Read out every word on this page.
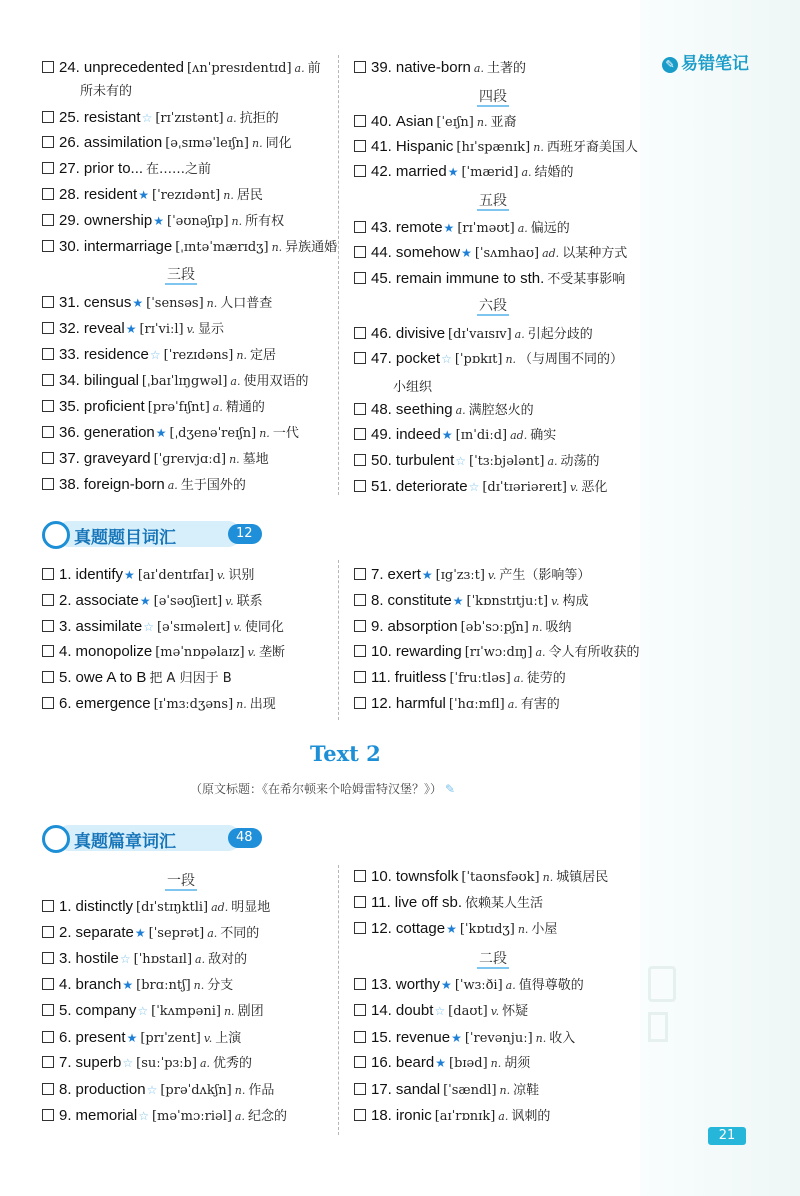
✎ 易错笔记
24. unprecedented [ʌnˈpresɪdentɪd] a. 前
所未有的
25. resistant☆ [rɪˈzɪstənt] a. 抗拒的
26. assimilation [əˌsɪməˈleɪʃn] n. 同化
27. prior to... 在……之前
28. resident★ [ˈrezɪdənt] n. 居民
29. ownership★ [ˈəʊnəʃɪp] n. 所有权
30. intermarriage [ˌɪntəˈmærɪdʒ] n. 异族通婚
31. census★ [ˈsensəs] n. 人口普查
32. reveal★ [rɪˈviːl] v. 显示
33. residence☆ [ˈrezɪdəns] n. 定居
34. bilingual [ˌbaɪˈlɪŋgwəl] a. 使用双语的
35. proficient [prəˈfɪʃnt] a. 精通的
36. generation★ [ˌdʒenəˈreɪʃn] n. 一代
37. graveyard [ˈɡreɪvjɑːd] n. 墓地
38. foreign-born a. 生于国外的
39. native-born a. 土著的
40. Asian [ˈeɪʃn] n. 亚裔
41. Hispanic [hɪˈspænɪk] n. 西班牙裔美国人
42. married★ [ˈmærid] a. 结婚的
43. remote★ [rɪˈməʊt] a. 偏远的
44. somehow★ [ˈsʌmhaʊ] ad. 以某种方式
45. remain immune to sth. 不受某事影响
46. divisive [dɪˈvaɪsɪv] a. 引起分歧的
47. pocket☆ [ˈpɒkɪt] n. （与周围不同的）
小组织
48. seething a. 满腔怒火的
49. indeed★ [ɪnˈdiːd] ad. 确实
50. turbulent☆ [ˈtɜːbjələnt] a. 动荡的
51. deteriorate☆ [dɪˈtɪəriəreɪt] v. 恶化
三段
四段
五段
六段
真题题目词汇	12 个
1. identify★ [aɪˈdentɪfaɪ] v. 识别
2. associate★ [əˈsəʊʃieɪt] v. 联系
3. assimilate☆ [əˈsɪməleɪt] v. 使同化
4. monopolize [məˈnɒpəlaɪz] v. 垄断
5. owe A to B 把 A 归因于 B
6. emergence [ɪˈmɜːdʒəns] n. 出现
7. exert★ [ɪgˈzɜːt] v. 产生（影响等）
8. constitute★ [ˈkɒnstɪtjuːt] v. 构成
9. absorption [əbˈsɔːpʃn] n. 吸纳
10. rewarding [rɪˈwɔːdɪŋ] a. 令人有所收获的
11. fruitless [ˈfruːtləs] a. 徒劳的
12. harmful [ˈhɑːmfl] a. 有害的
Text 2
（原文标题：《在希尔顿来个哈姆雷特汉堡？》） ✎
真题篇章词汇	48 个
一段
二段
1. distinctly [dɪˈstɪŋktli] ad. 明显地
2. separate★ [ˈseprət] a. 不同的
3. hostile☆ [ˈhɒstaɪl] a. 敌对的
4. branch★ [brɑːntʃ] n. 分支
5. company☆ [ˈkʌmpəni] n. 剧团
6. present★ [prɪˈzent] v. 上演
7. superb☆ [suːˈpɜːb] a. 优秀的
8. production☆ [prəˈdʌkʃn] n. 作品
9. memorial☆ [məˈmɔːriəl] a. 纪念的
10. townsfolk [ˈtaʊnsfəʊk] n. 城镇居民
11. live off sb. 依赖某人生活
12. cottage★ [ˈkɒtɪdʒ] n. 小屋
13. worthy★ [ˈwɜːði] a. 值得尊敬的
14. doubt☆ [daʊt] v. 怀疑
15. revenue★ [ˈrevənjuː] n. 收入
16. beard★ [bɪəd] n. 胡须
17. sandal [ˈsændl] n. 凉鞋
18. ironic [aɪˈrɒnɪk] a. 讽刺的
21
